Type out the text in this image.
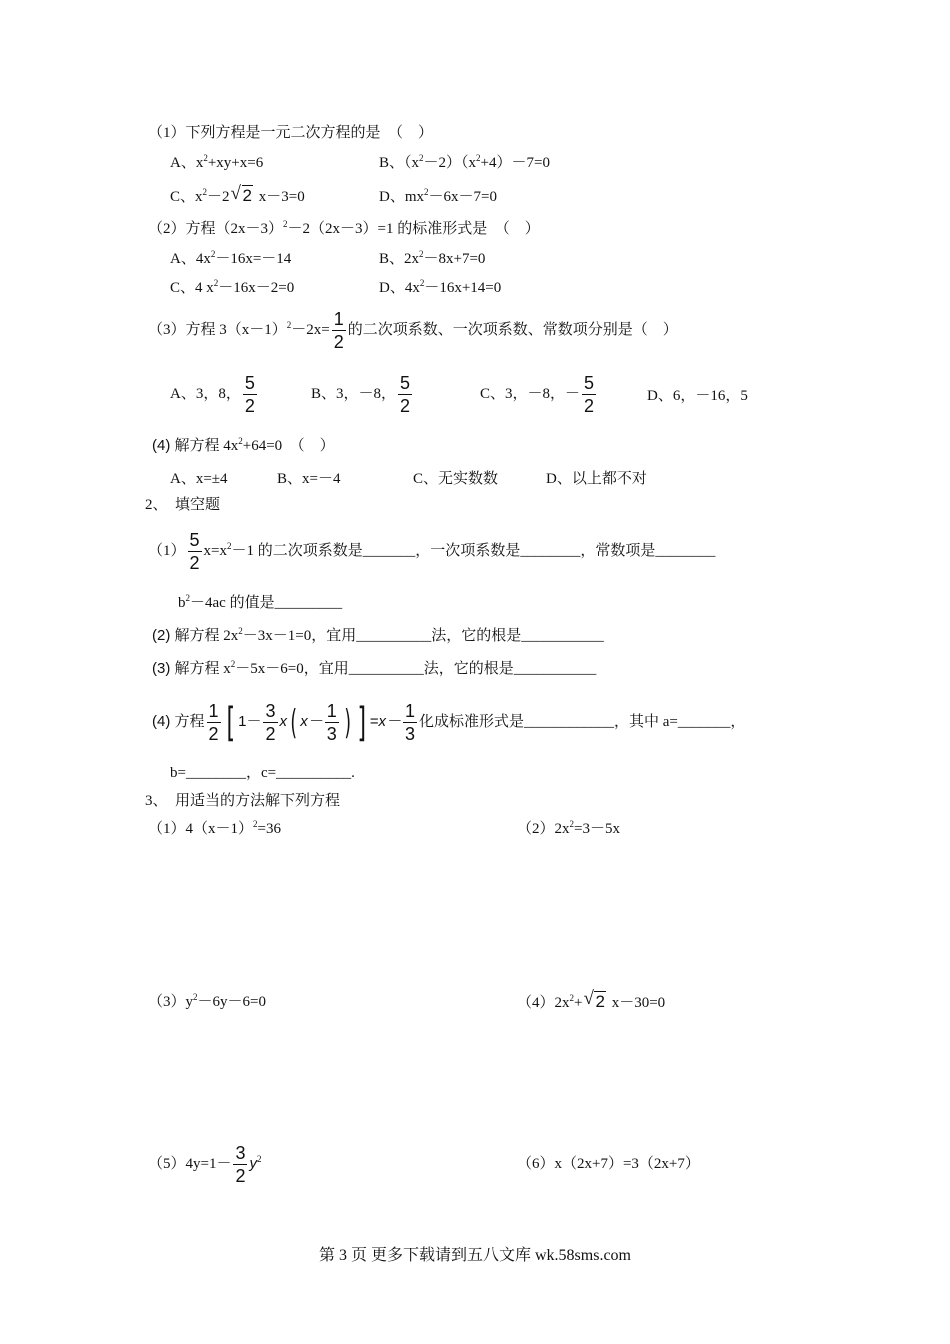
（1）下列方程是一元二次方程的是　（　）
A、$x^2+xy+x=6$	B、$(x^2-2)(x^2+4)-7=0$
C、$x^2-2√$ 2 x－3=0	D、$mx^2-6x-7=0$
（2）方程$(2x-3)^2-2(2x-3)=1$ 的标准形式是　（　）
A、$4x^2-16x=-14$	B、$2x^2-8x+7=0$
C、4 $x^2-16x-2=0$	D、$4x^2-16x+14=0$
（3）方程 $3(x-1)^2-2x= \frac{1}{2}$ 的二次项系数、一次项系数、常数项分别是（　）
A、3，8， $\frac{5}{2}$	B、3，－8， $\frac{5}{2}$	C、3，－8，－ $\frac{5}{2}$	D、6，－16，5
(4) 解方程 $4x^2+64=0$　（　）
A、x=±4	B、x=－4	C、无实数数	D、以上都不对
2、　填空题
$(1) \frac{5}{2} x=x^2-1$ 的二次项系数是_______，一次项系数是________，常数项是________
$b^2-4ac$ 的值是_________
(2) 解方程 $2x^2-3x-1=0$，宜用__________法，它的根是___________
(3) 解方程 $x^2-5x-6=0$，宜用__________法，它的根是___________
(4) 方程 $\frac{1}{2}$ [ $1- \frac{3}{2} x$( $x- \frac{1}{3}$ ) ] $=x- \frac{1}{3}$ 化成标准形式是____________，其中 a=_______，
b=________，c=__________.
3、　用适当的方法解下列方程
$(1)4(x-1)^2=36$	$(2)2x^2=3-5x$
$(3)y^2-6y-6=0$	$(4)2x^2+√$ 2 x－30=0
$(5)4y=1- \frac{3}{2} y^2$	（6）x（2x+7）=3（2x+7）
第 3 页 更多下载请到五八文库 wk.58sms.com
